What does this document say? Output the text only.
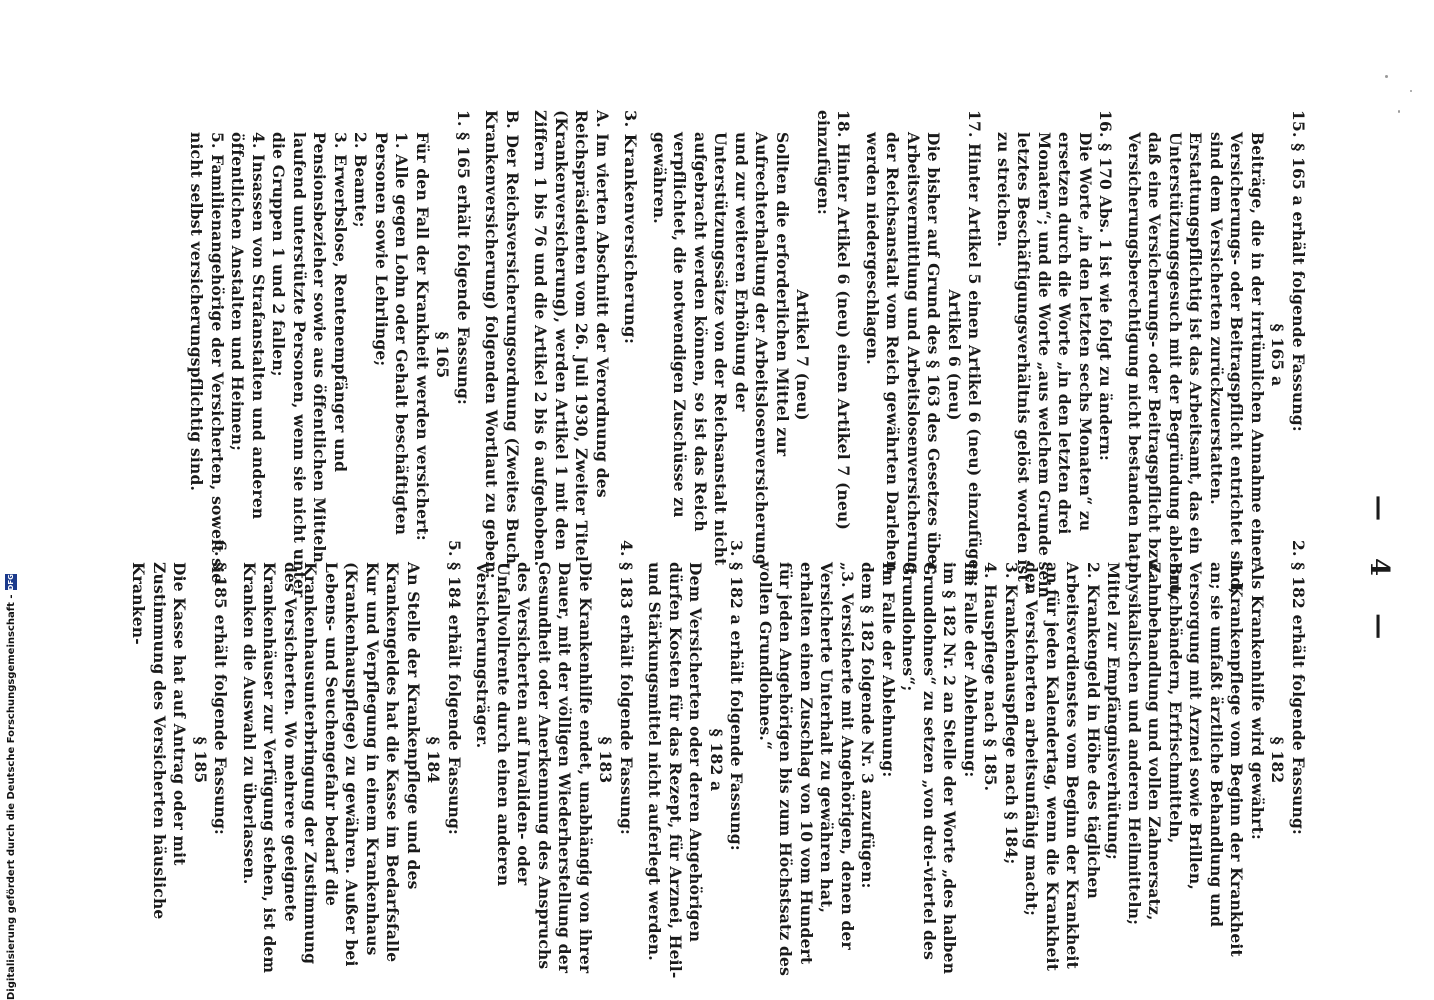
— 4 —

15. § 165 a erhält folgende Fassung:

§ 165 a

Beiträge, die in der irrtümlichen Annahme einer Versicherungs- oder Beitragspflicht entrichtet sind, sind dem Versicherten zurückzuerstatten. Erstattungspflichtig ist das Arbeitsamt, das ein Unterstützungsgesuch mit der Begründung ablehnt, daß eine Versicherungs- oder Beitragspflicht bzw. Versicherungsberechtigung nicht bestanden hat.

16. § 170 Abs. 1 ist wie folgt zu ändern:

Die Worte „in den letzten sechs Monaten“ zu ersetzen durch die Worte „in den letzten drei Monaten“; und die Worte „aus welchem Grunde sein letztes Beschäftigungsverhältnis gelöst worden ist“ zu streichen.

17. Hinter Artikel 5 einen Artikel 6 (neu) einzufügen:

Artikel 6 (neu)

Die bisher auf Grund des § 163 des Gesetzes über Arbeitsvermittlung und Arbeitslosenversicherung der Reichsanstalt vom Reich gewährten Darlehen werden niedergeschlagen.

18. Hinter Artikel 6 (neu) einen Artikel 7 (neu) einzufügen:

Artikel 7 (neu)

Sollten die erforderlichen Mittel zur Aufrechterhaltung der Arbeitslosenversicherung und zur weiteren Erhöhung der Unterstützungssätze von der Reichsanstalt nicht aufgebracht werden können, so ist das Reich verpflichtet, die notwendigen Zuschüsse zu gewähren.

3. Krankenversicherung:

A. Im vierten Abschnitt der Verordnung des Reichspräsidenten vom 26. Juli 1930, Zweiter Titel (Krankenversicherung), werden Artikel 1 mit den Ziffern 1 bis 76 und die Artikel 2 bis 6 aufgehoben.

B. Der Reichsversicherungsordnung (Zweites Buch, Krankenversicherung) folgenden Wortlaut zu geben:

1. § 165 erhält folgende Fassung:

§ 165

Für den Fall der Krankheit werden versichert:

1. Alle gegen Lohn oder Gehalt beschäftigten Personen sowie Lehrlinge;

2. Beamte;

3. Erwerbslose, Rentenempfänger und Pensionsbezieher sowie aus öffentlichen Mitteln laufend unterstützte Personen, wenn sie nicht unter die Gruppen 1 und 2 fallen;

4. Insassen von Strafanstalten und anderen öffentlichen Anstalten und Heimen;

5. Familienangehörige der Versicherten, soweit sie nicht selbst versicherungspflichtig sind.

2. § 182 erhält folgende Fassung:

§ 182

Als Krankenhilfe wird gewährt:

1. Krankenpflege vom Beginn der Krankheit an; sie umfaßt ärztliche Behandlung und Versorgung mit Arznei sowie Brillen, Bruchbändern, Erfrischmitteln, Zahnbehandlung und vollen Zahnersatz, physikalischen und anderen Heilmitteln; Mittel zur Empfängnisverhütung;

2. Krankengeld in Höhe des täglichen Arbeitsverdienstes vom Beginn der Krankheit an für jeden Kalendertag, wenn die Krankheit den Versicherten arbeitsunfähig macht;

3. Krankenhauspflege nach § 184;

4. Hauspflege nach § 185.

Im Falle der Ablehnung:

im § 182 Nr. 2 an Stelle der Worte „des halben Grundlohnes“ zu setzen „von drei-viertel des Grundlohnes“;

Im Falle der Ablehnung:

dem § 182 folgende Nr. 3 anzufügen:

„3. Versicherte mit Angehörigen, denen der Versicherte Unterhalt zu gewähren hat, erhalten einen Zuschlag von 10 vom Hundert für jeden Angehörigen bis zum Höchstsatz des vollen Grundlohnes.“

3. § 182 a erhält folgende Fassung:

§ 182 a

Dem Versicherten oder deren Angehörigen dürfen Kosten für das Rezept, für Arznei, Heil- und Stärkungsmittel nicht auferlegt werden.

4. § 183 erhält folgende Fassung:

§ 183

Die Krankenhilfe endet, unabhängig von ihrer Dauer, mit der völligen Wiederherstellung der Gesundheit oder Anerkennung des Anspruchs des Versicherten auf Invaliden- oder Unfallvollrente durch einen anderen Versicherungsträger.

5. § 184 erhält folgende Fassung:

§ 184

An Stelle der Krankenpflege und des Krankengeldes hat die Kasse im Bedarfsfalle Kur und Verpflegung in einem Krankenhaus (Krankenhauspflege) zu gewähren. Außer bei Lebens- und Seuchengefahr bedarf die Krankenhausunterbringung der Zustimmung des Versicherten. Wo mehrere geeignete Krankenhäuser zur Verfügung stehen, ist dem Kranken die Auswahl zu überlassen.

6. § 185 erhält folgende Fassung:

§ 185

Die Kasse hat auf Antrag oder mit Zustimmung des Versicherten häusliche Kranken-

Digitalisierung gefördert durch die Deutsche Forschungsgemeinschaft -DFG
